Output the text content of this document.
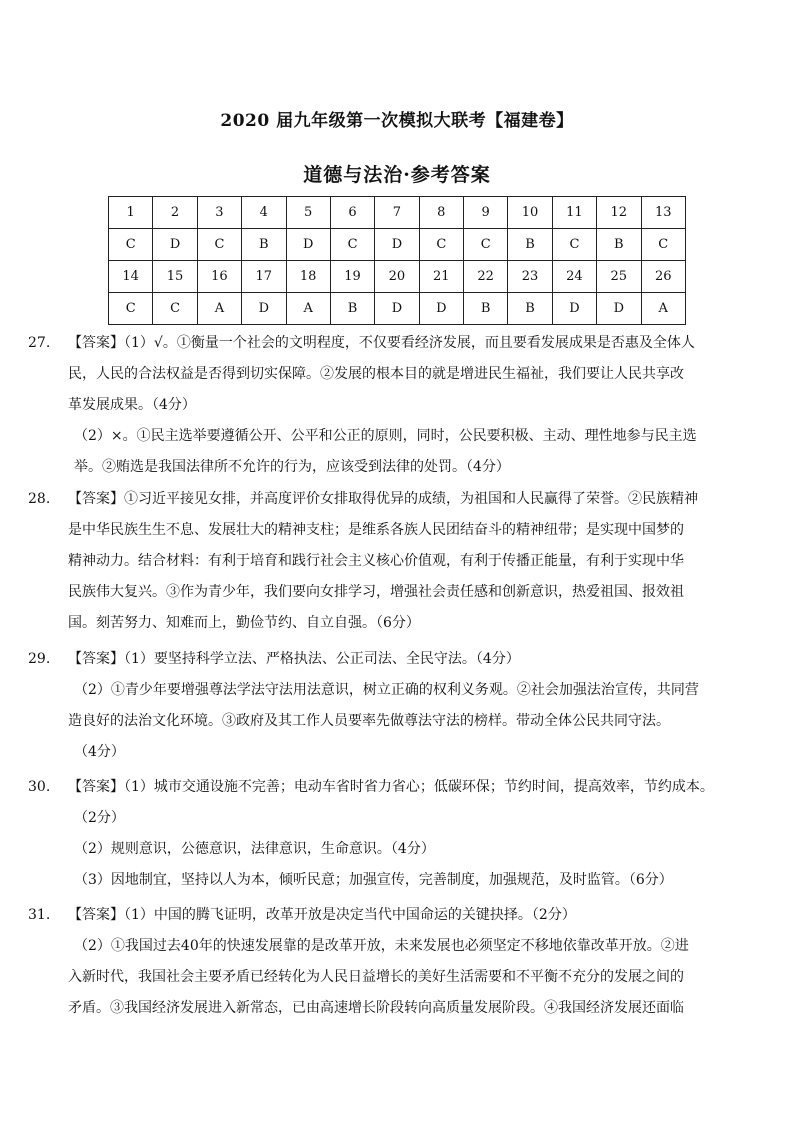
2020 届九年级第一次模拟大联考【福建卷】
道德与法治·参考答案
1	2	3	4	5	6	7	8	9	10	11	12	13
C	D	C	B	D	C	D	C	C	B	C	B	C
14	15	16	17	18	19	20	21	22	23	24	25	26
C	C	A	D	A	B	D	D	B	B	D	D	A
27. 【答案】（1）√。①衡量一个社会的文明程度，不仅要看经济发展，而且要看发展成果是否惠及全体人
民，人民的合法权益是否得到切实保障。②发展的根本目的就是增进民生福祉，我们要让人民共享改
革发展成果。（4分）
（2）×。①民主选举要遵循公开、公平和公正的原则，同时，公民要积极、主动、理性地参与民主选
举。②贿选是我国法律所不允许的行为，应该受到法律的处罚。（4分）
28. 【答案】①习近平接见女排，并高度评价女排取得优异的成绩，为祖国和人民赢得了荣誉。②民族精神
是中华民族生生不息、发展壮大的精神支柱；是维系各族人民团结奋斗的精神纽带；是实现中国梦的
精神动力。结合材料：有利于培育和践行社会主义核心价值观，有利于传播正能量，有利于实现中华
民族伟大复兴。③作为青少年，我们要向女排学习，增强社会责任感和创新意识，热爱祖国、报效祖
国。刻苦努力、知难而上，勤俭节约、自立自强。（6分）
29. 【答案】（1）要坚持科学立法、严格执法、公正司法、全民守法。（4分）
（2）①青少年要增强尊法学法守法用法意识，树立正确的权利义务观。②社会加强法治宣传，共同营
造良好的法治文化环境。③政府及其工作人员要率先做尊法守法的榜样。带动全体公民共同守法。
（4分）
30. 【答案】（1）城市交通设施不完善；电动车省时省力省心；低碳环保；节约时间，提高效率，节约成本。
（2分）
（2）规则意识，公德意识，法律意识，生命意识。（4分）
（3）因地制宜，坚持以人为本，倾听民意；加强宣传，完善制度，加强规范，及时监管。（6分）
31. 【答案】（1）中国的腾飞证明，改革开放是决定当代中国命运的关键抉择。（2分）
（2）①我国过去40年的快速发展靠的是改革开放，未来发展也必须坚定不移地依靠改革开放。②进
入新时代，我国社会主要矛盾已经转化为人民日益增长的美好生活需要和不平衡不充分的发展之间的
矛盾。③我国经济发展进入新常态，已由高速增长阶段转向高质量发展阶段。④我国经济发展还面临
